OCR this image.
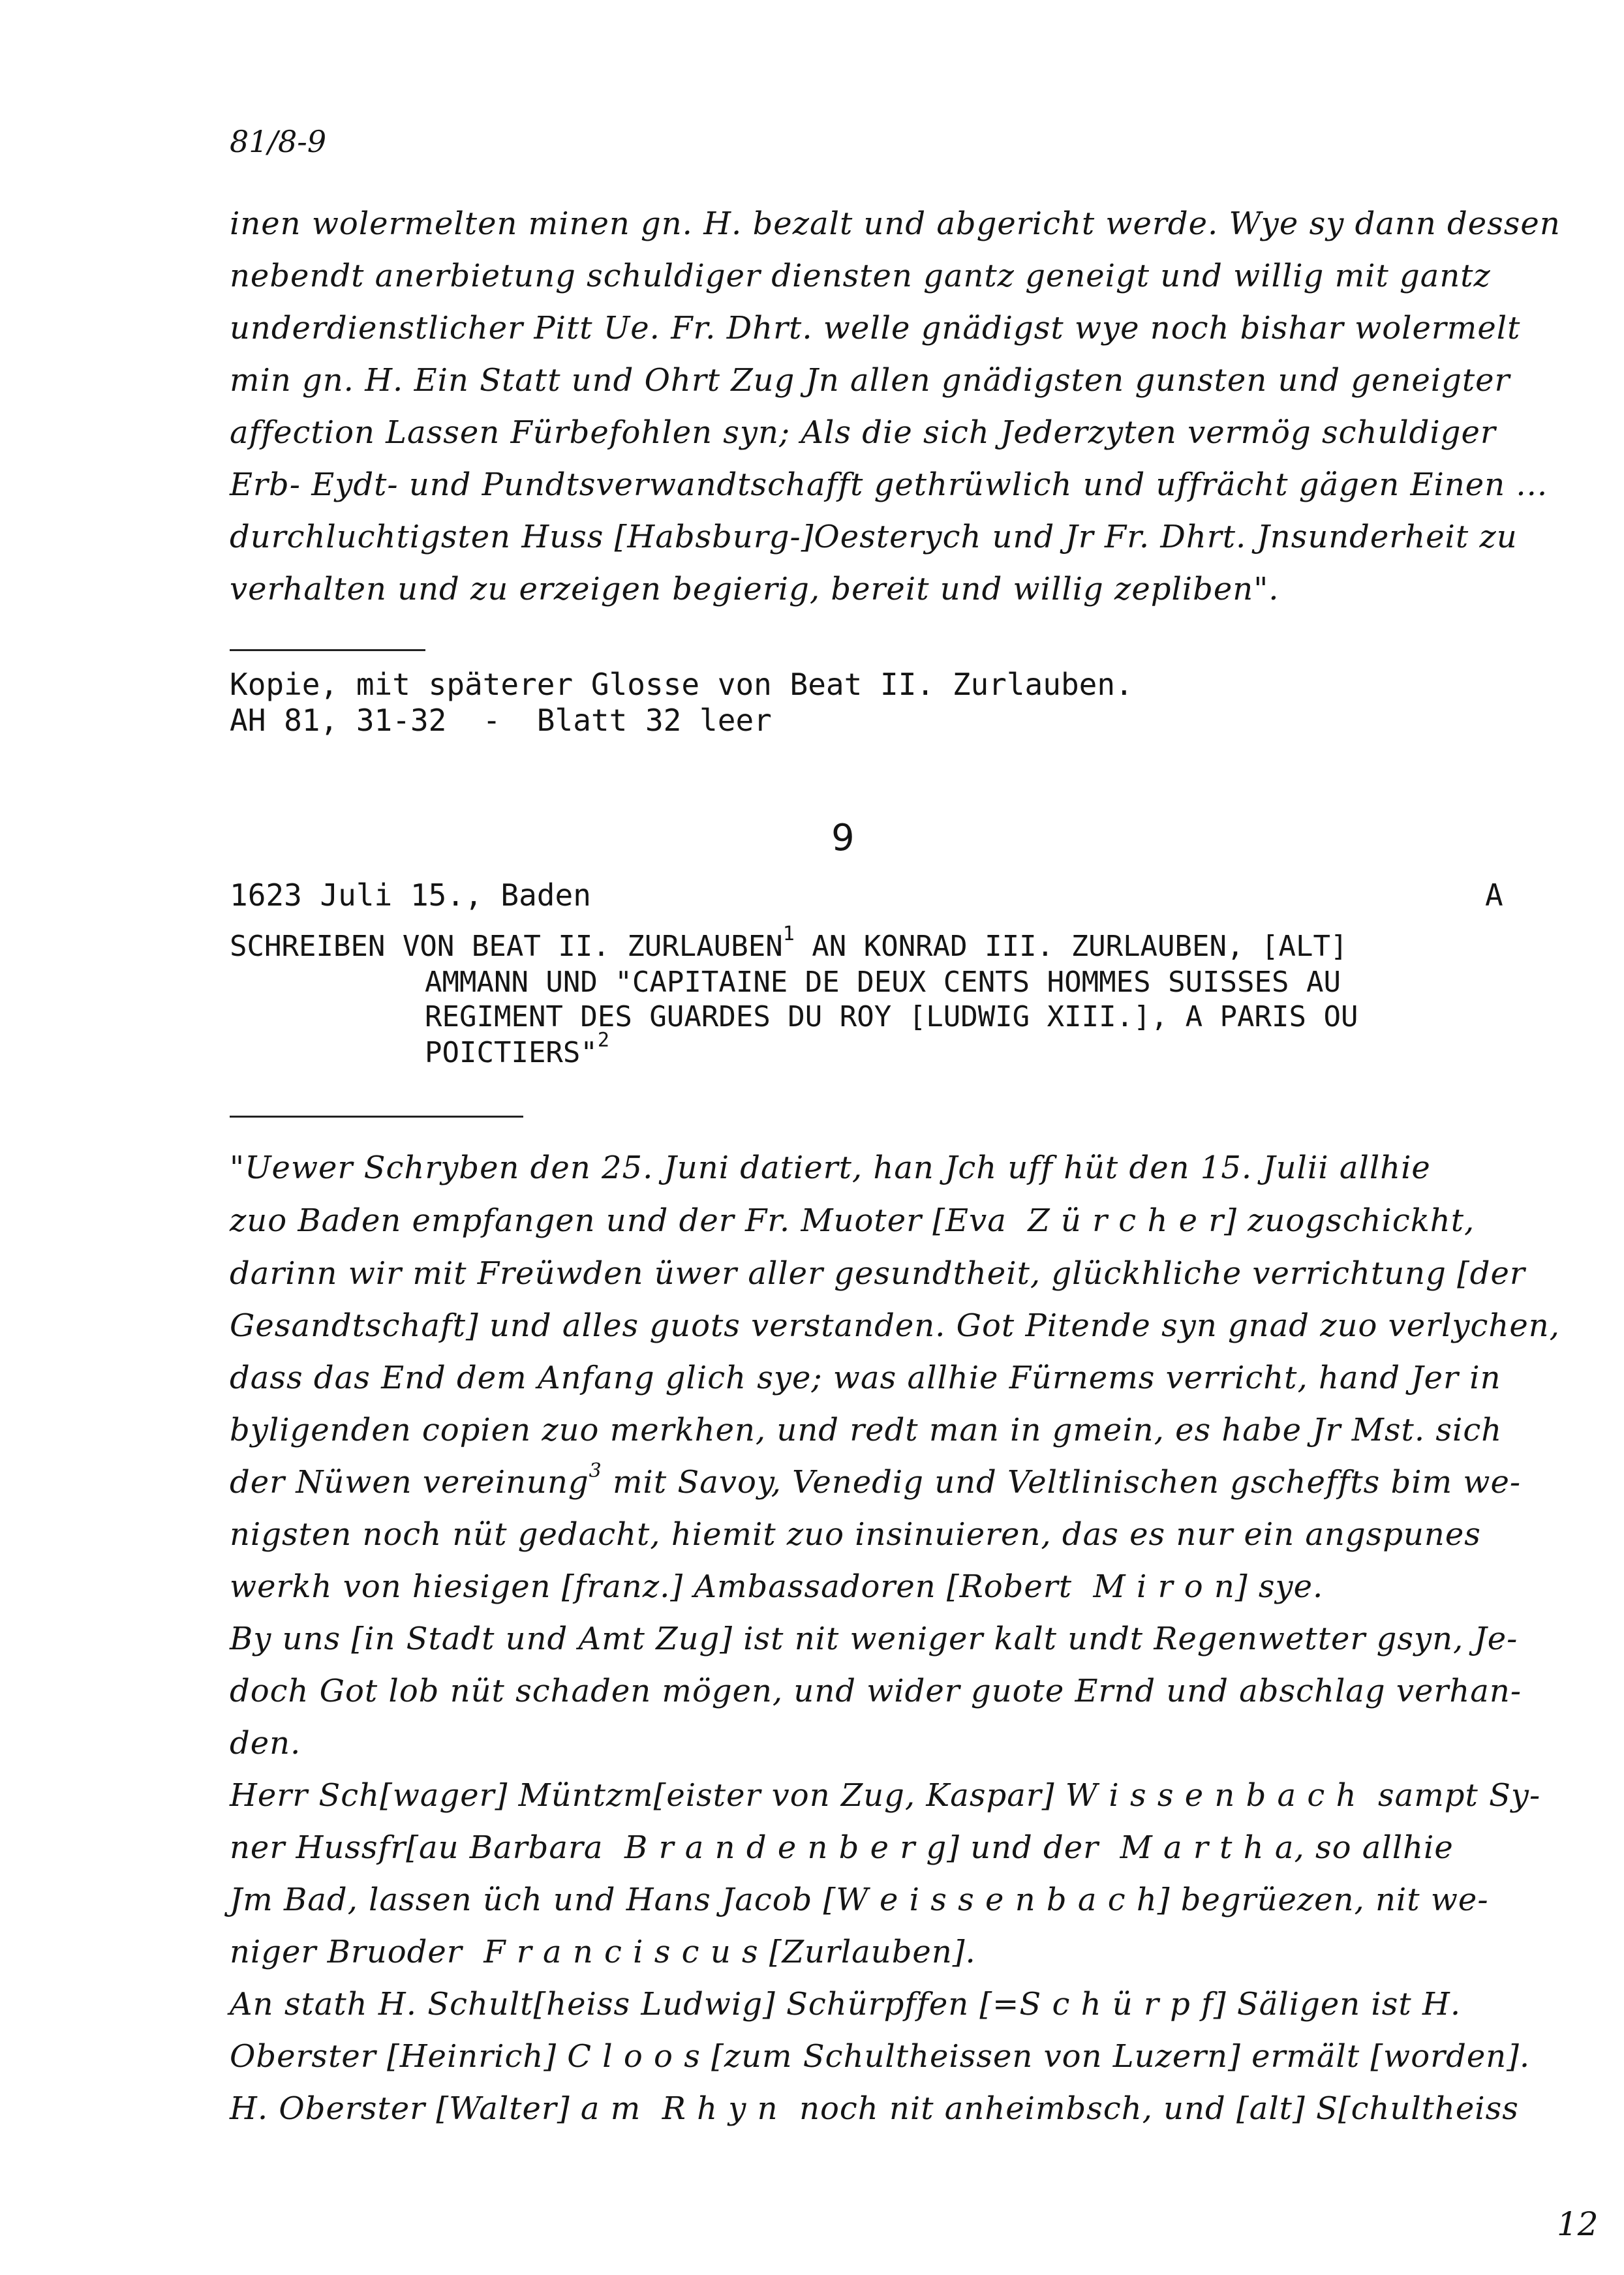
81/8-9
inen wolermelten minen gn. H. bezalt und abgericht werde. Wye sy dann dessen
nebendt anerbietung schuldiger diensten gantz geneigt und willig mit gantz
underdienstlicher Pitt Ue. Fr. Dhrt. welle gnädigst wye noch bishar wolermelt
min gn. H. Ein Statt und Ohrt Zug Jn allen gnädigsten gunsten und geneigter
affection Lassen Fürbefohlen syn; Als die sich Jederzyten vermög schuldiger
Erb- Eydt- und Pundtsverwandtschafft gethrüwlich und uffrächt gägen Einen ...
durchluchtigsten Huss [Habsburg-]Oesterych und Jr Fr. Dhrt. Jnsunderheit zu
verhalten und zu erzeigen begierig, bereit und willig zepliben".
Kopie, mit späterer Glosse von Beat II. Zurlauben.
AH 81, 31-32  -  Blatt 32 leer
9
1623 Juli 15., Baden	A
SCHREIBEN VON BEAT II. ZURLAUBEN$^1$ AN KONRAD III. ZURLAUBEN, [ALT]
AMMANN UND "CAPITAINE DE DEUX CENTS HOMMES SUISSES AU
REGIMENT DES GUARDES DU ROY [LUDWIG XIII.], A PARIS OU
POICTIERS"$^2$
"Uewer Schryben den 25. Juni datiert, han Jch uff hüt den 15. Julii allhie
zuo Baden empfangen und der Fr. Muoter [Eva  Z ü r c h e r] zuogschickht,
darinn wir mit Freüwden üwer aller gesundtheit, glückhliche verrichtung [der
Gesandtschaft] und alles guots verstanden. Got Pitende syn gnad zuo verlychen,
dass das End dem Anfang glich sye; was allhie Fürnems verricht, hand Jer in
byligenden copien zuo merkhen, und redt man in gmein, es habe Jr Mst. sich
der Nüwen vereinung$^3$ mit Savoy, Venedig und Veltlinischen gscheffts bim we-
nigsten noch nüt gedacht, hiemit zuo insinuieren, das es nur ein angspunes
werkh von hiesigen [franz.] Ambassadoren [Robert  M i r o n] sye.
By uns [in Stadt und Amt Zug] ist nit weniger kalt undt Regenwetter gsyn, Je-
doch Got lob nüt schaden mögen, und wider guote Ernd und abschlag verhan-
den.
Herr Sch[wager] Müntzm[eister von Zug, Kaspar] W i s s e n b a c h  sampt Sy-
ner Hussfr[au Barbara  B r a n d e n b e r g] und der  M a r t h a, so allhie
Jm Bad, lassen üch und Hans Jacob [W e i s s e n b a c h] begrüezen, nit we-
niger Bruoder  F r a n c i s c u s [Zurlauben].
An stath H. Schult[heiss Ludwig] Schürpffen [=S c h ü r p f] Säligen ist H.
Oberster [Heinrich] C l o o s [zum Schultheissen von Luzern] ermält [worden].
H. Oberster [Walter] a m  R h y n  noch nit anheimbsch, und [alt] S[chultheiss
12
